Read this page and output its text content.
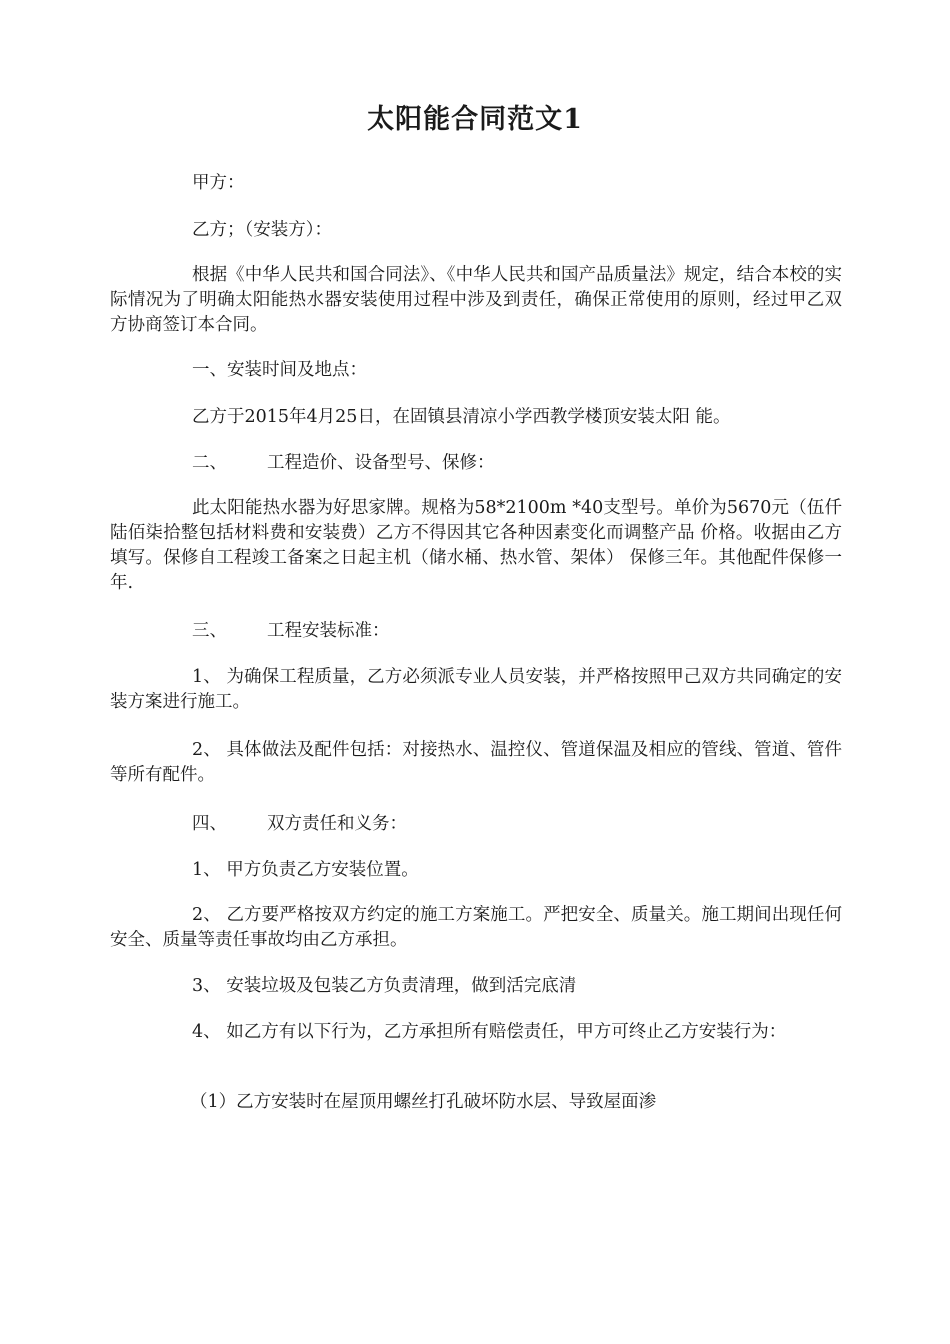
太阳能合同范文1

甲方：

乙方；（安装方）：

根据《中华人民共和国合同法》、《中华人民共和国产品质量法》规定，结合本校的实际情况为了明确太阳能热水器安装使用过程中涉及到责任，确保正常使用的原则，经过甲乙双方协商签订本合同。

一、安装时间及地点：

乙方于2015年4月25日，在固镇县清凉小学西教学楼顶安装太阳 能。

二、 工程造价、设备型号、保修：

此太阳能热水器为好思家牌。规格为58*2100m *40支型号。单价为5670元（伍仟陆佰柒拾整包括材料费和安装费）乙方不得因其它各种因素变化而调整产品 价格。收据由乙方填写。保修自工程竣工备案之日起主机（储水桶、热水管、架体） 保修三年。其他配件保修一年.

三、 工程安装标准：

1、 为确保工程质量，乙方必须派专业人员安装，并严格按照甲己双方共同确定的安装方案进行施工。

2、 具体做法及配件包括：对接热水、温控仪、管道保温及相应的管线、管道、管件等所有配件。

四、 双方责任和义务：

1、 甲方负责乙方安装位置。

2、 乙方要严格按双方约定的施工方案施工。严把安全、质量关。施工期间出现任何安全、质量等责任事故均由乙方承担。

3、 安装垃圾及包装乙方负责清理，做到活完底清

4、 如乙方有以下行为，乙方承担所有赔偿责任，甲方可终止乙方安装行为：

（1）乙方安装时在屋顶用螺丝打孔破坏防水层、导致屋面渗
